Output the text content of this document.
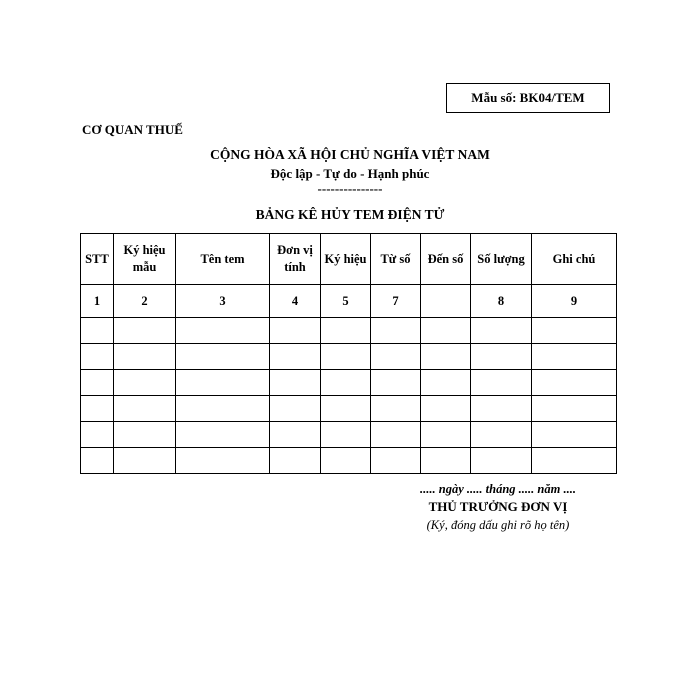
Mẫu số: BK04/TEM
CƠ QUAN THUẾ
CỘNG HÒA XÃ HỘI CHỦ NGHĨA VIỆT NAM
Độc lập - Tự do - Hạnh phúc
---------------
BẢNG KÊ HỦY TEM ĐIỆN TỬ
STT	Ký hiệu mẫu	Tên tem	Đơn vị tính	Ký hiệu	Từ số	Đến số	Số lượng	Ghi chú
1	2	3	4	5	7		8	9

..... ngày ..... tháng ..... năm ....
THỦ TRƯỞNG ĐƠN VỊ
(Ký, đóng dấu ghi rõ họ tên)
